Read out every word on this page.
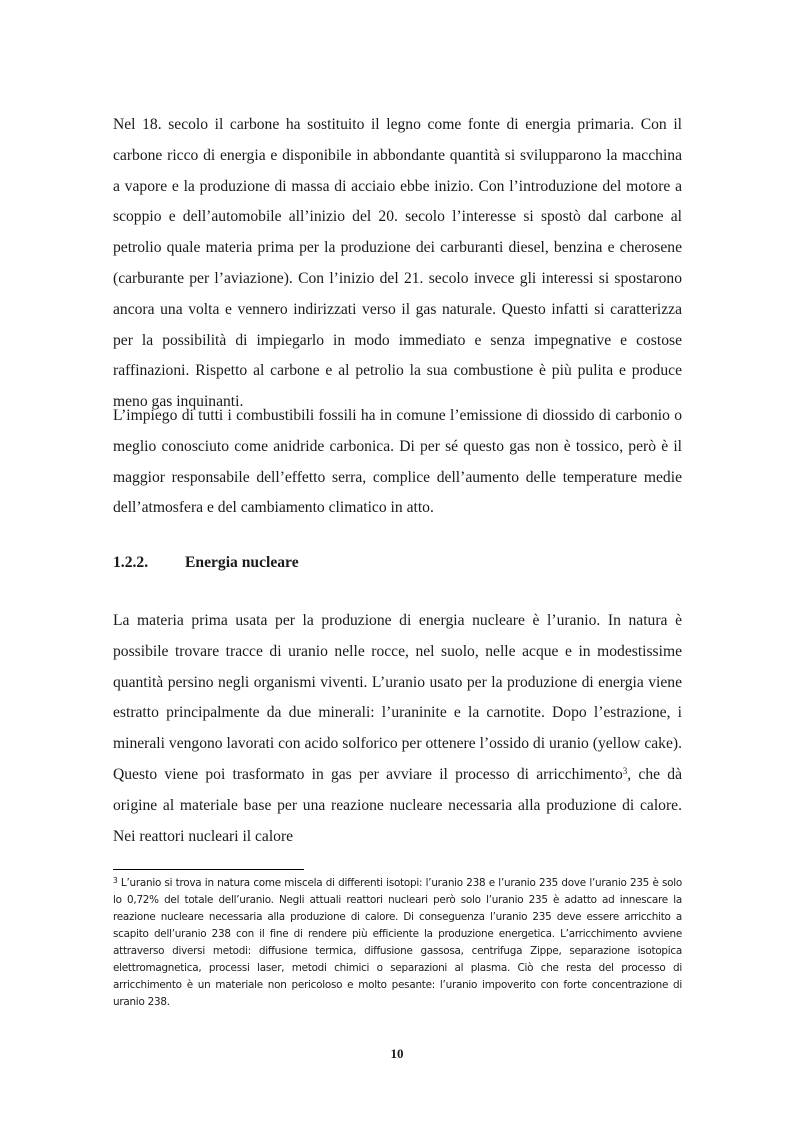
Nel 18. secolo il carbone ha sostituito il legno come fonte di energia primaria. Con il carbone ricco di energia e disponibile in abbondante quantità si svilupparono la macchina a vapore e la produzione di massa di acciaio ebbe inizio. Con l’introduzione del motore a scoppio e dell’automobile all’inizio del 20. secolo l’interesse si spostò dal carbone al petrolio quale materia prima per la produzione dei carburanti diesel, benzina e cherosene (carburante per l’aviazione). Con l’inizio del 21. secolo invece gli interessi si spostarono ancora una volta e vennero indirizzati verso il gas naturale. Questo infatti si caratterizza per la possibilità di impiegarlo in modo immediato e senza impegnative e costose raffinazioni. Rispetto al carbone e al petrolio la sua combustione è più pulita e produce meno gas inquinanti.

L’impiego di tutti i combustibili fossili ha in comune l’emissione di diossido di carbonio o meglio conosciuto come anidride carbonica. Di per sé questo gas non è tossico, però è il maggior responsabile dell’effetto serra, complice dell’aumento delle temperature medie dell’atmosfera e del cambiamento climatico in atto.

1.2.2. Energia nucleare

La materia prima usata per la produzione di energia nucleare è l’uranio. In natura è possibile trovare tracce di uranio nelle rocce, nel suolo, nelle acque e in modestissime quantità persino negli organismi viventi. L’uranio usato per la produzione di energia viene estratto principalmente da due minerali: l’uraninite e la carnotite. Dopo l’estrazione, i minerali vengono lavorati con acido solforico per ottenere l’ossido di uranio (yellow cake). Questo viene poi trasformato in gas per avviare il processo di arricchimento$^3$, che dà origine al materiale base per una reazione nucleare necessaria alla produzione di calore. Nei reattori nucleari il calore

$^3$ L’uranio si trova in natura come miscela di differenti isotopi: l’uranio 238 e l’uranio 235 dove l’uranio 235 è solo lo 0,72% del totale dell’uranio. Negli attuali reattori nucleari però solo l’uranio 235 è adatto ad innescare la reazione nucleare necessaria alla produzione di calore. Di conseguenza l’uranio 235 deve essere arricchito a scapito dell’uranio 238 con il fine di rendere più efficiente la produzione energetica. L’arricchimento avviene attraverso diversi metodi: diffusione termica, diffusione gassosa, centrifuga Zippe, separazione isotopica elettromagnetica, processi laser, metodi chimici o separazioni al plasma. Ciò che resta del processo di arricchimento è un materiale non pericoloso e molto pesante: l’uranio impoverito con forte concentrazione di uranio 238.
10
